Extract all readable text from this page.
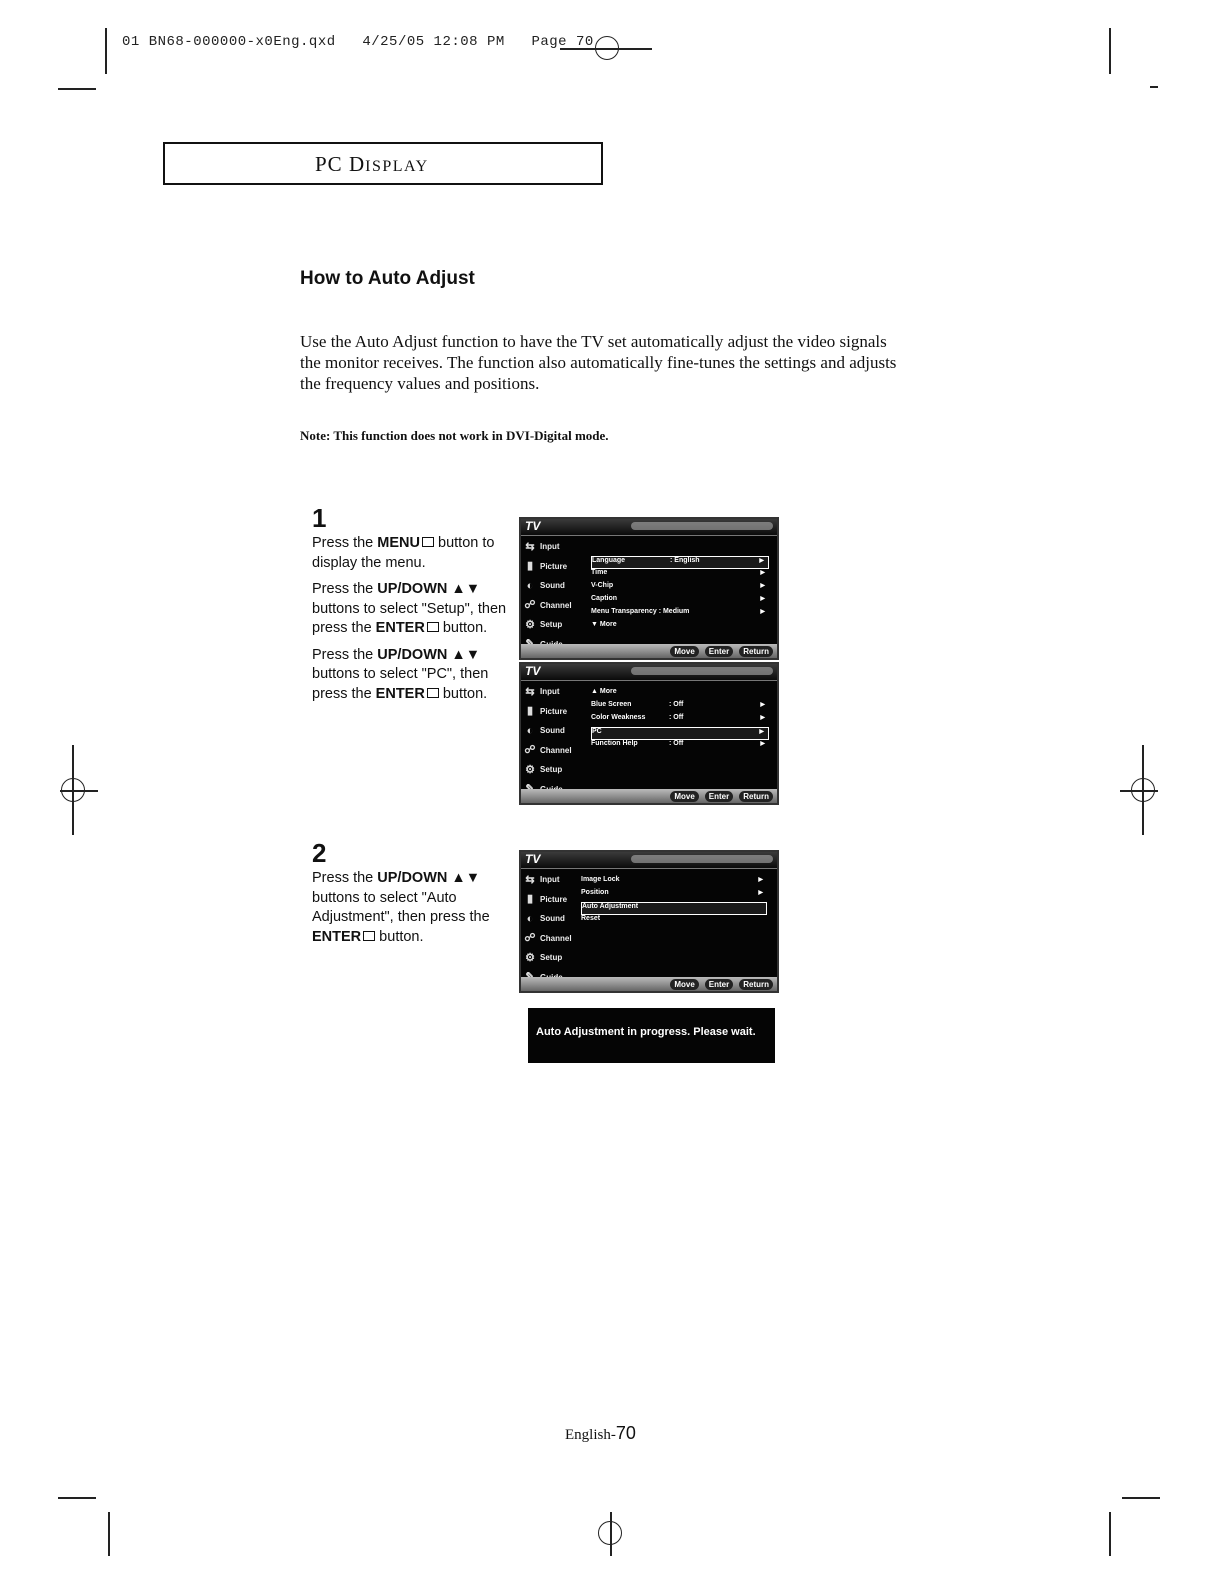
01 BN68-000000-x0Eng.qxd   4/25/05 12:08 PM   Page 70
PC DISPLAY
How to Auto Adjust
Use the Auto Adjust function to have the TV set automatically adjust the video signals
the monitor receives. The function also automatically fine-tunes the settings and adjusts
the frequency values and positions.
Note: This function does not work in DVI-Digital mode.
1

Press the MENU button to display the menu.

Press the UP/DOWN ▲▼ buttons to select "Setup", then press the ENTER button.

Press the UP/DOWN ▲▼ buttons to select "PC", then press the ENTER button.

TV
⇆ Input
▮ Picture
◐ Sound
☍ Channel
⚙ Setup
Language	: English	▶
Time	▶
V-Chip	▶
Caption	▶
Menu Transparency : Medium	▶
▼ More
Move	Enter	Return
TV
⇆ Input
▮ Picture
◐ Sound
☍ Channel
⚙ Setup
▲ More
Blue Screen	: Off	▶
Color Weakness	: Off	▶
PC	▶
Function Help	: Off	▶
Move	Enter	Return
2

Press the UP/DOWN ▲▼ buttons to select "Auto Adjustment", then press the ENTER button.

TV
⇆ Input
▮ Picture
◐ Sound
☍ Channel
⚙ Setup
Image Lock	▶
Position	▶
Auto Adjustment
Reset
Move	Enter	Return
Auto Adjustment in progress. Please wait.
English-70
